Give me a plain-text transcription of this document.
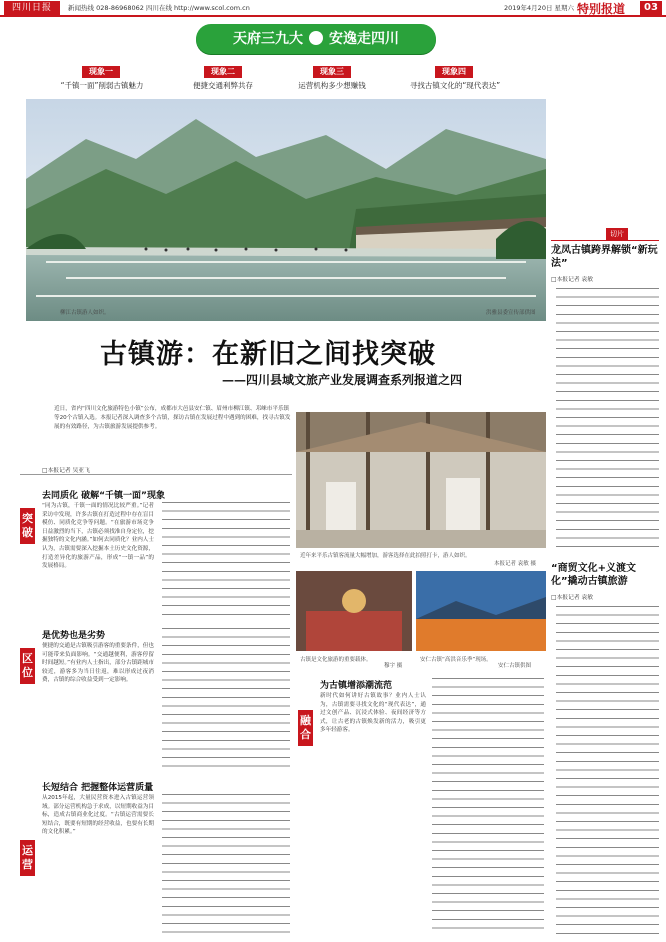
四川日报	新闻热线 028-86968062 四川在线 http://www.scol.com.cn	2019年4月20日 星期六 特别报道	03
天府三九大 安逸走四川
现象一
“千镇一面”削弱古镇魅力
现象二
便捷交通利弊共存
现象三
运营机构多少想赚钱
现象四
寻找古镇文化的“现代表达”
柳江古镇游人如织。	洪雅县委宣传部供图
切片
龙凤古镇跨界解锁“新玩法”
□本报记者 袁敏
“商贸文化+义渡文化”撬动古镇旅游
□本报记者 袁敏
古镇游：在新旧之间找突破
——四川县域文旅产业发展调查系列报道之四
近日，省内“四川文化旅游特色小镇”公布，成都市大邑县安仁镇、眉州市柳江镇、邛崃市平乐镇等20个古镇入选。本报记者深入调查多个古镇，探访古镇在发展过程中遇到的困难，找寻古镇发展的有效路径，为古镇旅游发展提供参考。
□本报记者 吴亚飞
突破
去同质化 破解“千镇一面”现象
“同为古镇，千镇一面的情况比较严重。”记者采访中发现，许多古镇在打造过程中存在盲目模仿、同质化竞争等问题。“在旅游市场竞争日益激烈的当下，古镇必须找准自身定位，挖掘独特的文化内涵。”如何去同质化？业内人士认为，古镇需要深入挖掘本土历史文化资源，打造差异化的旅游产品，形成“一镇一品”的发展格局。
区位
是优势也是劣势
便捷的交通是古镇吸引游客的重要条件，但也可能带来负面影响。“交通越便利，游客停留时间越短。”有业内人士指出，部分古镇距城市较近，游客多为当日往返，难以形成过夜消费，古镇的综合收益受到一定影响。
运营
长短结合 把握整体运营质量
从2015年起，大量民营资本进入古镇运营领域。部分运营机构急于求成，以短期收益为目标，造成古镇商业化过度。“古镇运营需要长短结合，既要有短期的经营收益，也要有长期的文化积累。”
近年来平乐古镇客流量大幅增加，游客选择在此拍照打卡，游人如织。
本报记者 袁敏 摄
古镇是文化旅游的重要载体。
穆宇 摄
安仁古镇“高洪音乐季”现场。
安仁古镇供图
融合
为古镇增添潮流范
新时代如何讲好古镇故事？业内人士认为，古镇需要寻找文化的“现代表达”，通过文创产品、沉浸式体验、夜间经济等方式，让古老的古镇焕发新的活力，吸引更多年轻游客。
